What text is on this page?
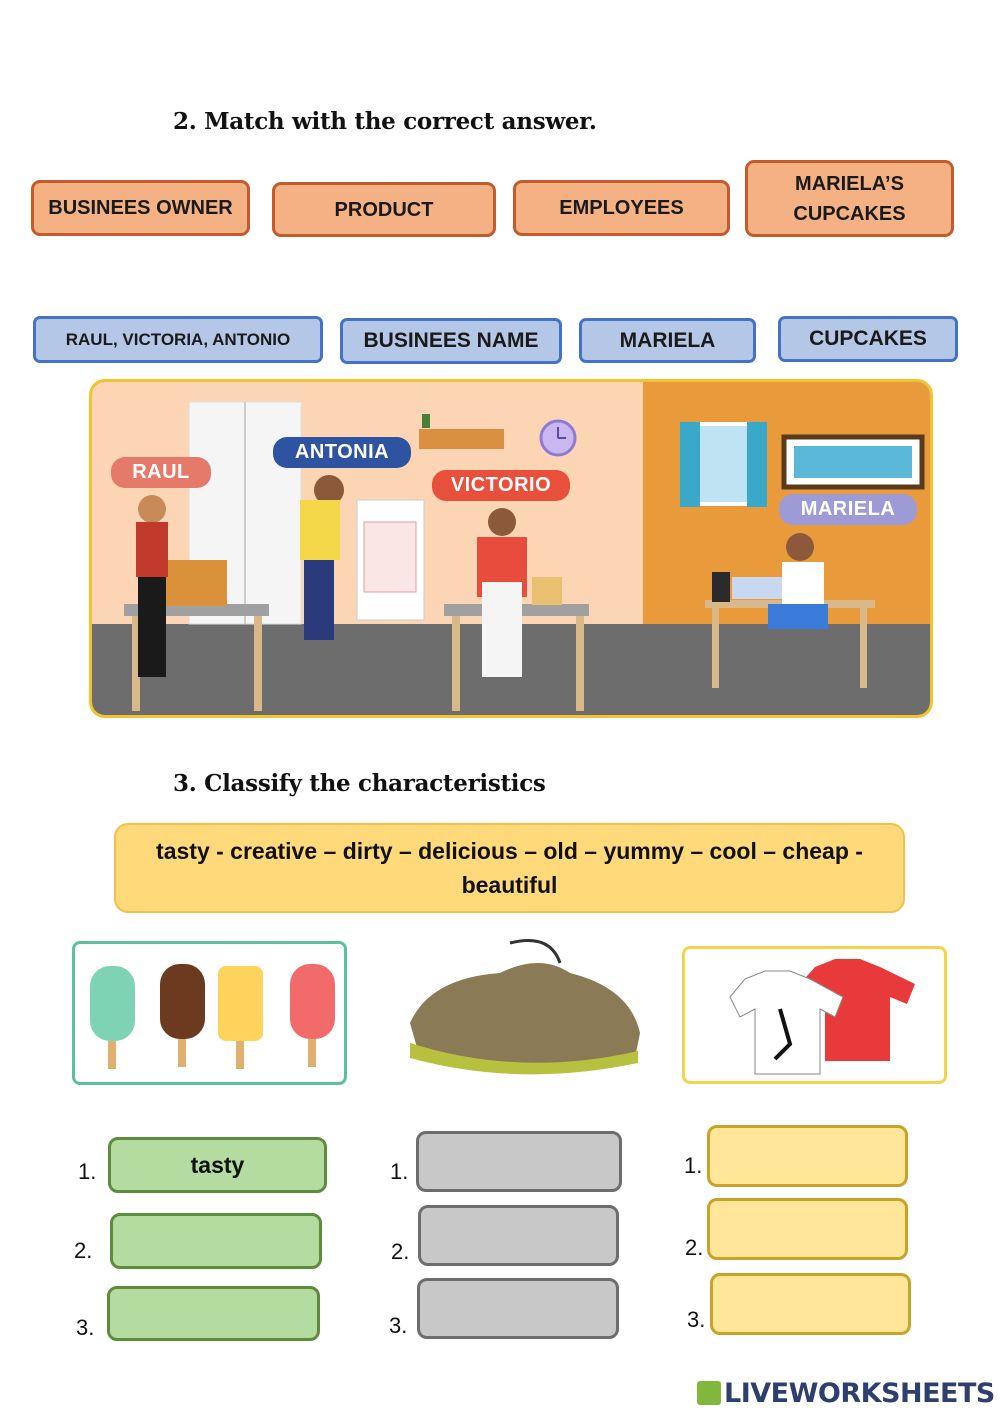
2. Match with the correct answer.
BUSINEES OWNER	PRODUCT	EMPLOYEES
MARIELA’S CUPCAKES
RAUL, VICTORIA, ANTONIO	BUSINEES NAME	MARIELA	CUPCAKES
RAUL
ANTONIA
VICTORIO
MARIELA
3. Classify the characteristics
tasty - creative – dirty – delicious – old – yummy – cool – cheap -
beautiful
1.
2.
3.
tasty	1.
2.
3.
1.
2.
3.
LIVEWORKSHEETS
